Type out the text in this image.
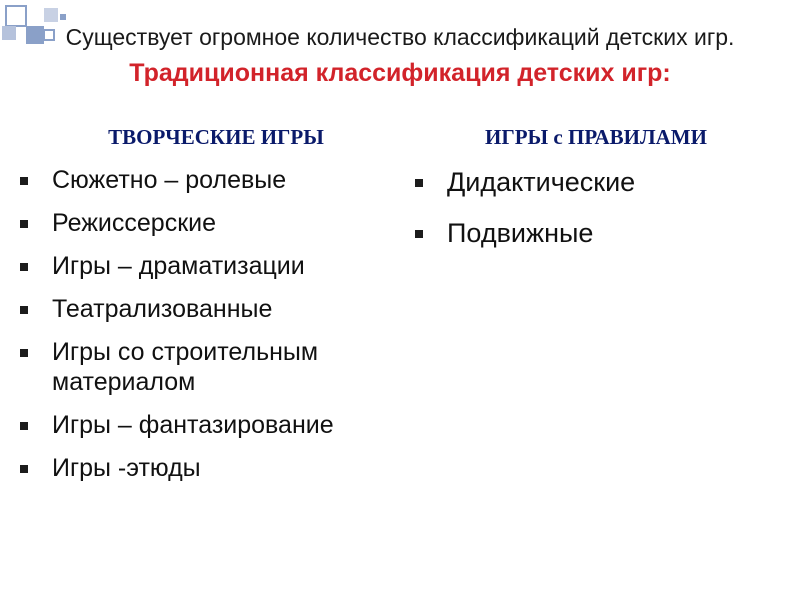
Существует огромное количество классификаций детских игр.
Традиционная классификация детских игр:
ТВОРЧЕСКИЕ ИГРЫ	ИГРЫ с ПРАВИЛАМИ
Сюжетно – ролевые
Режиссерские
Игры – драматизации
Театрализованные
Игры со строительным материалом
Игры – фантазирование
Игры -этюды
Дидактические
Подвижные
